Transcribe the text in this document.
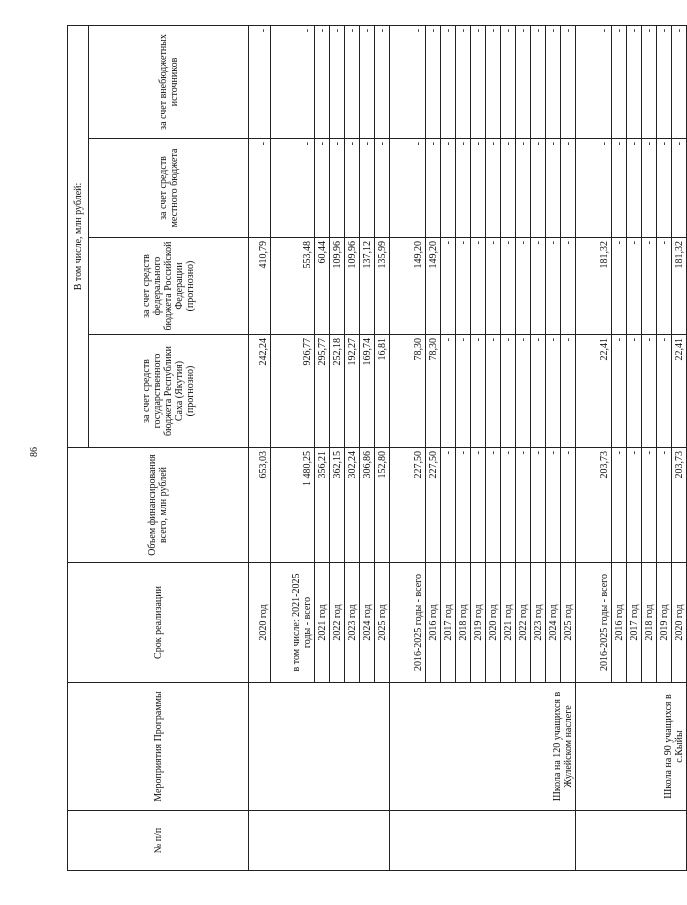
86
№ п/п	Мероприятия Программы	Срок реализации	Объем финансирования всего, млн рублей	В том числе, млн рублей:			
				за счет средств государственного бюджета Республики Саха (Якутия) (прогнозно)	за счет средств федерального бюджета Российской Федерации (прогнозно)	за счет средств местного бюджета	за счет внебюджетных источников
		2020 год	653,03	242,24	410,79	-	-
		в том числе: 2021-2025 годы - всего	1 480,25	926,77	553,48	-	-
		2021 год	356,21	295,77	60,44	-	-
		2022 год	362,15	252,18	109,96	-	-
		2023 год	302,24	192,27	109,96	-	-
		2024 год	306,86	169,74	137,12	-	-
		2025 год	152,80	16,81	135,99	-	-
	Школа на 120 учащихся в Жулейском наслеге	2016-2025 годы - всего	227,50	78,30	149,20	-	-
		2016 год	227,50	78,30	149,20	-	-
		2017 год	-	-	-	-	-
		2018 год	-	-	-	-	-
		2019 год	-	-	-	-	-
		2020 год	-	-	-	-	-
		2021 год	-	-	-	-	-
		2022 год	-	-	-	-	-
		2023 год	-	-	-	-	-
		2024 год	-	-	-	-	-
		2025 год	-	-	-	-	-
	Школа на 90 учащихся в с.Кыйы	2016-2025 годы - всего	203,73	22,41	181,32	-	-
		2016 год	-	-	-	-	-
		2017 год	-	-	-	-	-
		2018 год	-	-	-	-	-
		2019 год	-	-	-	-	-
		2020 год	203,73	22,41	181,32	-	-
